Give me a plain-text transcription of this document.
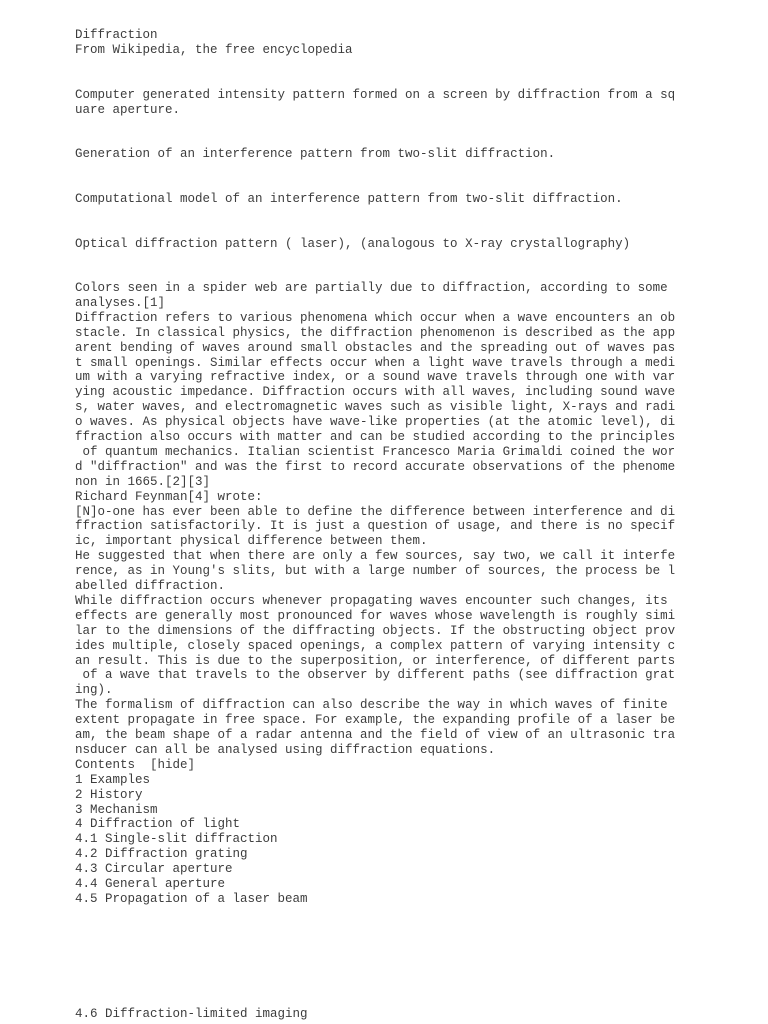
Diffraction
From Wikipedia, the free encyclopedia
Computer generated intensity pattern formed on a screen by diffraction from a sq
uare aperture.
Generation of an interference pattern from two-slit diffraction.
Computational model of an interference pattern from two-slit diffraction.
Optical diffraction pattern ( laser), (analogous to X-ray crystallography)
Colors seen in a spider web are partially due to diffraction, according to some
analyses.[1]
Diffraction refers to various phenomena which occur when a wave encounters an ob
stacle. In classical physics, the diffraction phenomenon is described as the app
arent bending of waves around small obstacles and the spreading out of waves pas
t small openings. Similar effects occur when a light wave travels through a medi
um with a varying refractive index, or a sound wave travels through one with var
ying acoustic impedance. Diffraction occurs with all waves, including sound wave
s, water waves, and electromagnetic waves such as visible light, X-rays and radi
o waves. As physical objects have wave-like properties (at the atomic level), di
ffraction also occurs with matter and can be studied according to the principles
of quantum mechanics. Italian scientist Francesco Maria Grimaldi coined the wor
d "diffraction" and was the first to record accurate observations of the phenome
non in 1665.[2][3]
Richard Feynman[4] wrote:
[N]o-one has ever been able to define the difference between interference and di
ffraction satisfactorily. It is just a question of usage, and there is no specif
ic, important physical difference between them.
He suggested that when there are only a few sources, say two, we call it interfe
rence, as in Young's slits, but with a large number of sources, the process be l
abelled diffraction.
While diffraction occurs whenever propagating waves encounter such changes, its
effects are generally most pronounced for waves whose wavelength is roughly simi
lar to the dimensions of the diffracting objects. If the obstructing object prov
ides multiple, closely spaced openings, a complex pattern of varying intensity c
an result. This is due to the superposition, or interference, of different parts
of a wave that travels to the observer by different paths (see diffraction grat
ing).
The formalism of diffraction can also describe the way in which waves of finite
extent propagate in free space. For example, the expanding profile of a laser be
am, the beam shape of a radar antenna and the field of view of an ultrasonic tra
nsducer can all be analysed using diffraction equations.
Contents  [hide]
1 Examples
2 History
3 Mechanism
4 Diffraction of light
4.1 Single-slit diffraction
4.2 Diffraction grating
4.3 Circular aperture
4.4 General aperture
4.5 Propagation of a laser beam
4.6 Diffraction-limited imaging
